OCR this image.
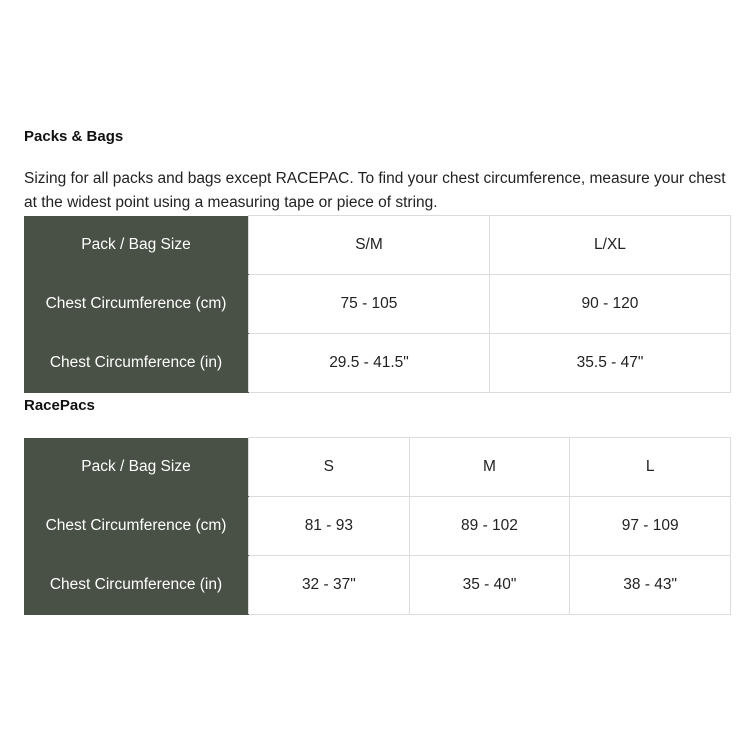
Packs & Bags

Sizing for all packs and bags except RACEPAC. To find your chest circumference, measure your chest at the widest point using a measuring tape or piece of string.

Pack / Bag Size	S/M	L/XL
Chest Circumference (cm)	75 - 105	90 - 120
Chest Circumference (in)	29.5 - 41.5"	35.5 - 47"
RacePacs
Pack / Bag Size	S	M	L
Chest Circumference (cm)	81 - 93	89 - 102	97 - 109
Chest Circumference (in)	32 - 37"	35 - 40"	38 - 43"
